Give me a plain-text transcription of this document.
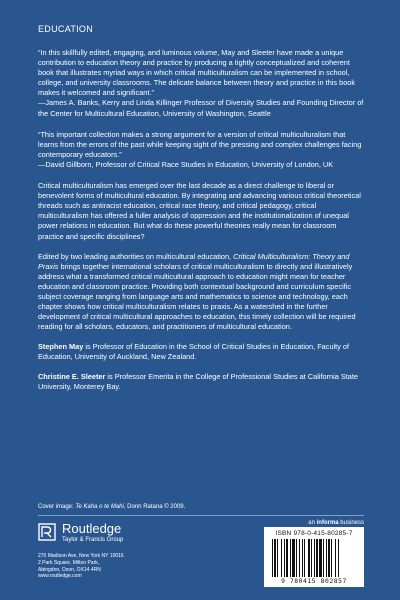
EDUCATION

“In this skillfully edited, engaging, and luminous volume, May and Sleeter have made a unique contribution to education theory and practice by producing a tightly conceptualized and coherent book that illustrates myriad ways in which critical multiculturalism can be implemented in school, college, and university classrooms. The delicate balance between theory and practice in this book makes it welcomed and significant.”
—James A. Banks, Kerry and Linda Killinger Professor of Diversity Studies and Founding Director of the Center for Multicultural Education, University of Washington, Seattle

“This important collection makes a strong argument for a version of critical multiculturalism that learns from the errors of the past while keeping sight of the pressing and complex challenges facing contemporary educators.”
—David Gillborn, Professor of Critical Race Studies in Education, University of London, UK

Critical multiculturalism has emerged over the last decade as a direct challenge to liberal or benevolent forms of multicultural education. By integrating and advancing various critical theoretical threads such as antiracist education, critical race theory, and critical pedagogy, critical multiculturalism has offered a fuller analysis of oppression and the institutionalization of unequal power relations in education. But what do these powerful theories really mean for classroom practice and specific disciplines?

Edited by two leading authorities on multicultural education, Critical Multiculturalism: Theory and Praxis brings together international scholars of critical multiculturalism to directly and illustratively address what a transformed critical multicultural approach to education might mean for teacher education and classroom practice. Providing both contextual background and curriculum specific subject coverage ranging from language arts and mathematics to science and technology, each chapter shows how critical multiculturalism relates to praxis. As a watershed in the further development of critical multicultural approaches to education, this timely collection will be required reading for all scholars, educators, and practitioners of multicultural education.

Stephen May is Professor of Education in the School of Critical Studies in Education, Faculty of Education, University of Auckland, New Zealand.

Christine E. Sleeter is Professor Emerita in the College of Professional Studies at California State University, Monterey Bay.

Cover image: Te Kaha o te Mahi, Donn Ratana © 2009.

Routledge

Taylor & Francis Group

270 Madison Ave, New York NY 10016
2 Park Square, Milton Park,
Abingdon, Oxon, OX14 4RN
www.routledge.com
an informa business
ISBN 978-0-415-80285-7
9 780415 802857
